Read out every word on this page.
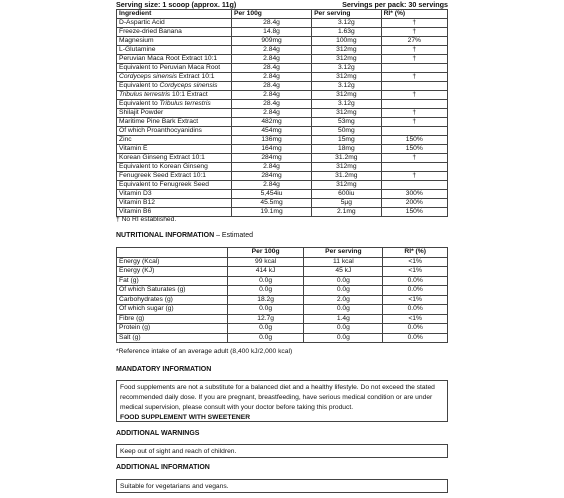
Serving size: 1 scoop (approx. 11g)	Servings per pack: 30 servings
Ingredient	Per 100g	Per serving	RI* (%)
D-Aspartic Acid	28.4g	3.12g	†
Freeze-dried Banana	14.8g	1.63g	†
Magnesium	909mg	100mg	27%
L-Glutamine	2.84g	312mg	†
Peruvian Maca Root Extract 10:1	2.84g	312mg	†
Equivalent to Peruvian Maca Root	28.4g	3.12g	
Cordyceps sinensis Extract 10:1	2.84g	312mg	†
Equivalent to Cordyceps sinensis	28.4g	3.12g	
Tribulus terrestris 10:1 Extract	2.84g	312mg	†
Equivalent to Tribulus terrestris	28.4g	3.12g	
Shilajit Powder	2.84g	312mg	†
Maritime Pine Bark Extract	482mg	53mg	†
Of which Proanthocyanidins	454mg	50mg	
Zinc	136mg	15mg	150%
Vitamin E	164mg	18mg	150%
Korean Ginseng Extract 10:1	284mg	31.2mg	†
Equivalent to Korean Ginseng	2.84g	312mg	
Fenugreek Seed Extract 10:1	284mg	31.2mg	†
Equivalent to Fenugreek Seed	2.84g	312mg	
Vitamin D3	5,454iu	600iu	300%
Vitamin B12	45.5mg	5µg	200%
Vitamin B6	19.1mg	2.1mg	150%
† No RI established.
NUTRITIONAL INFORMATION – Estimated
	Per 100g	Per serving	RI* (%)
Energy (Kcal)	99 kcal	11 kcal	<1%
Energy (KJ)	414 kJ	45 kJ	<1%
Fat (g)	0.0g	0.0g	0.0%
Of which Saturates (g)	0.0g	0.0g	0.0%
Carbohydrates (g)	18.2g	2.0g	<1%
Of which sugar (g)	0.0g	0.0g	0.0%
Fibre (g)	12.7g	1.4g	<1%
Protein (g)	0.0g	0.0g	0.0%
Salt (g)	0.0g	0.0g	0.0%
*Reference intake of an average adult (8,400 kJ/2,000 kcal)
MANDATORY INFORMATION
Food supplements are not a substitute for a balanced diet and a healthy lifestyle. Do not exceed the stated recommended daily dose. If you are pregnant, breastfeeding, have serious medical condition or are under medical supervision, please consult with your doctor before taking this product.
FOOD SUPPLEMENT WITH SWEETENER
ADDITIONAL WARNINGS
Keep out of sight and reach of children.
ADDITIONAL INFORMATION
Suitable for vegetarians and vegans.
